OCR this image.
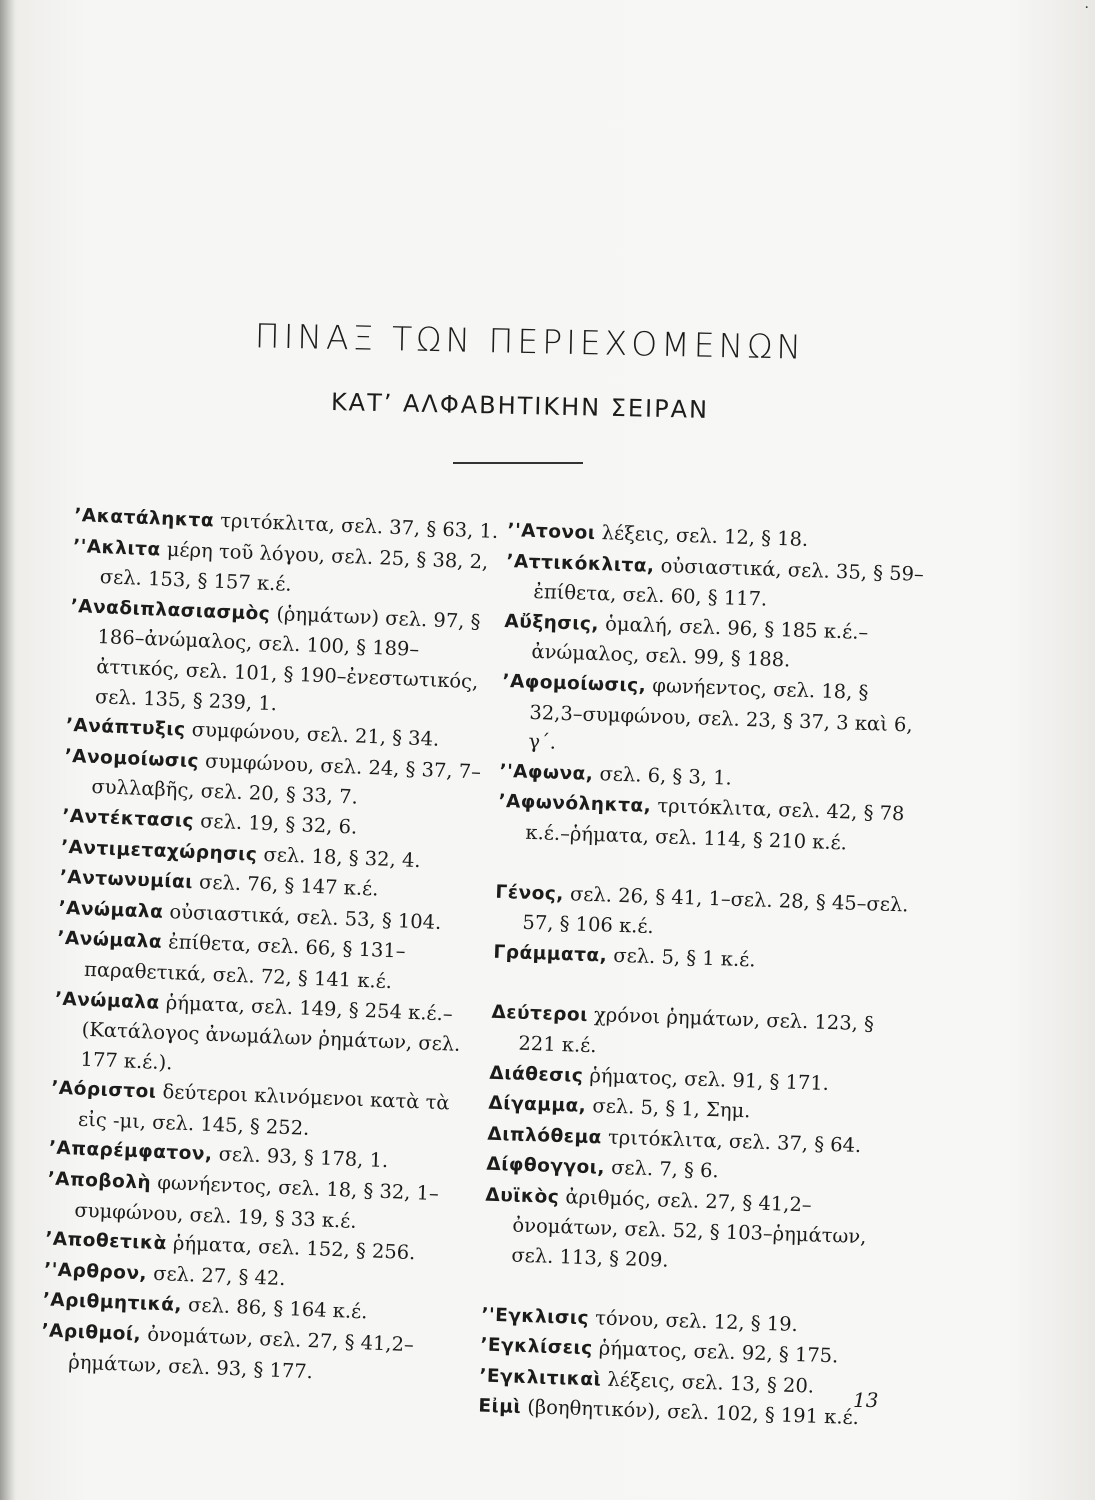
·
ΠΙΝΑΞ ΤΩΝ ΠΕΡΙΕΧΟΜΕΝΩΝ
ΚΑΤ’ ΑΛΦΑΒΗΤΙΚΗΝ ΣΕΙΡΑΝ
’Ακατάληκτα τριτόκλιτα, σελ. 37, § 63, 1.
’'Ακλιτα μέρη τοῦ λόγου, σελ. 25, § 38, 2, σελ. 153, § 157 κ.έ.
’Αναδιπλασιασμὸς (ῥημάτων) σελ. 97, § 186–ἀνώμαλος, σελ. 100, § 189–ἀττικός, σελ. 101, § 190–ἐνεστωτικός, σελ. 135, § 239, 1.
’Ανάπτυξις συμφώνου, σελ. 21, § 34.
’Ανομοίωσις συμφώνου, σελ. 24, § 37, 7–συλλαβῆς, σελ. 20, § 33, 7.
’Αντέκτασις σελ. 19, § 32, 6.
’Αντιμεταχώρησις σελ. 18, § 32, 4.
’Αντωνυμίαι σελ. 76, § 147 κ.έ.
’Ανώμαλα οὐσιαστικά, σελ. 53, § 104.
’Ανώμαλα ἐπίθετα, σελ. 66, § 131–παραθετικά, σελ. 72, § 141 κ.έ.
’Ανώμαλα ῥήματα, σελ. 149, § 254 κ.έ.–(Κατάλογος ἀνωμάλων ῥημάτων, σελ. 177 κ.έ.).
’Αόριστοι δεύτεροι κλινόμενοι κατὰ τὰ εἰς -μι, σελ. 145, § 252.
’Απαρέμφατον, σελ. 93, § 178, 1.
’Αποβολὴ φωνήεντος, σελ. 18, § 32, 1–συμφώνου, σελ. 19, § 33 κ.έ.
’Αποθετικὰ ῥήματα, σελ. 152, § 256.
’'Αρθρον, σελ. 27, § 42.
’Αριθμητικά, σελ. 86, § 164 κ.έ.
’Αριθμοί, ὀνομάτων, σελ. 27, § 41,2–ῥημάτων, σελ. 93, § 177.
’'Ατονοι λέξεις, σελ. 12, § 18.
’Αττικόκλιτα, οὐσιαστικά, σελ. 35, § 59–ἐπίθετα, σελ. 60, § 117.
Αὔξησις, ὁμαλή, σελ. 96, § 185 κ.έ.–ἀνώμαλος, σελ. 99, § 188.
’Αφομοίωσις, φωνήεντος, σελ. 18, § 32,3–συμφώνου, σελ. 23, § 37, 3 καὶ 6, γ΄.
’'Αφωνα, σελ. 6, § 3, 1.
’Αφωνόληκτα, τριτόκλιτα, σελ. 42, § 78 κ.έ.–ῥήματα, σελ. 114, § 210 κ.έ.
Γένος, σελ. 26, § 41, 1–σελ. 28, § 45–σελ. 57, § 106 κ.έ.
Γράμματα, σελ. 5, § 1 κ.έ.
Δεύτεροι χρόνοι ῥημάτων, σελ. 123, § 221 κ.έ.
Διάθεσις ῥήματος, σελ. 91, § 171.
Δίγαμμα, σελ. 5, § 1, Σημ.
Διπλόθεμα τριτόκλιτα, σελ. 37, § 64.
Δίφθογγοι, σελ. 7, § 6.
Δυϊκὸς ἀριθμός, σελ. 27, § 41,2–ὀνομάτων, σελ. 52, § 103–ῥημάτων, σελ. 113, § 209.
’'Εγκλισις τόνου, σελ. 12, § 19.
’Εγκλίσεις ῥήματος, σελ. 92, § 175.
’Εγκλιτικαὶ λέξεις, σελ. 13, § 20.
Εἰμὶ (βοηθητικόν), σελ. 102, § 191 κ.έ.
13
